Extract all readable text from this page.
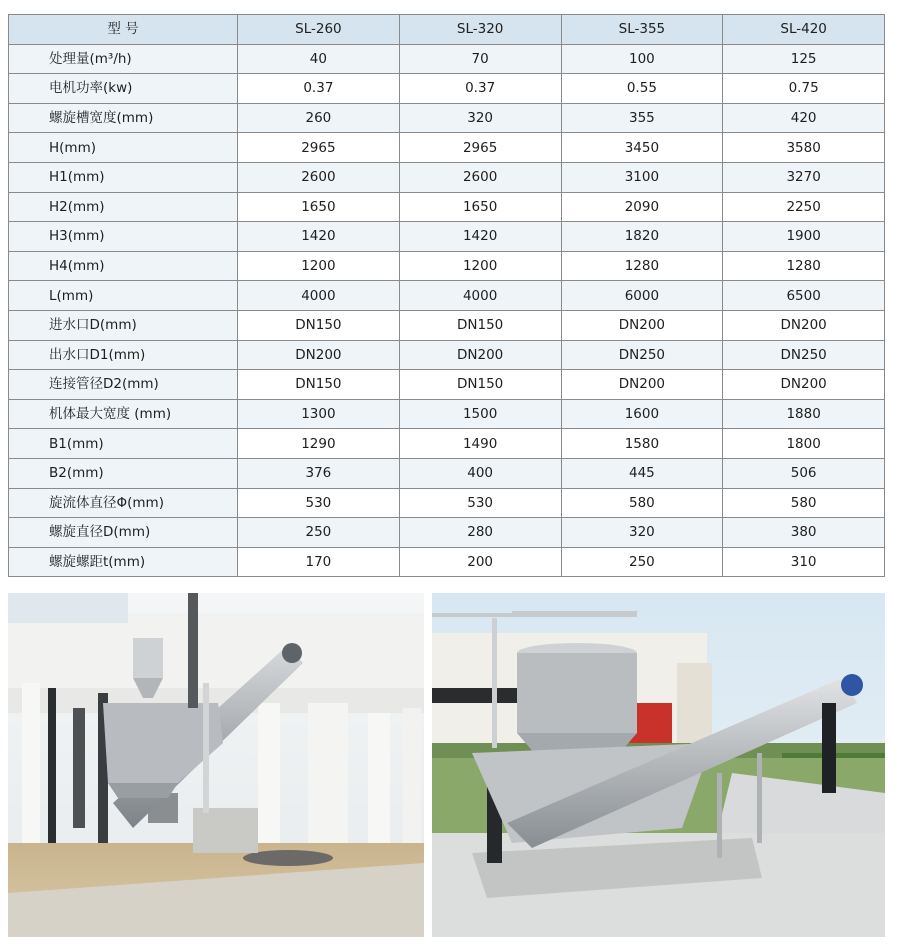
型 号	SL-260	SL-320	SL-355	SL-420
处理量(m³/h)	40	70	100	125
电机功率(kw)	0.37	0.37	0.55	0.75
螺旋槽宽度(mm)	260	320	355	420
H(mm)	2965	2965	3450	3580
H1(mm)	2600	2600	3100	3270
H2(mm)	1650	1650	2090	2250
H3(mm)	1420	1420	1820	1900
H4(mm)	1200	1200	1280	1280
L(mm)	4000	4000	6000	6500
进水口D(mm)	DN150	DN150	DN200	DN200
出水口D1(mm)	DN200	DN200	DN250	DN250
连接管径D2(mm)	DN150	DN150	DN200	DN200
机体最大宽度 (mm)	1300	1500	1600	1880
B1(mm)	1290	1490	1580	1800
B2(mm)	376	400	445	506
旋流体直径Φ(mm)	530	530	580	580
螺旋直径D(mm)	250	280	320	380
螺旋螺距t(mm)	170	200	250	310
